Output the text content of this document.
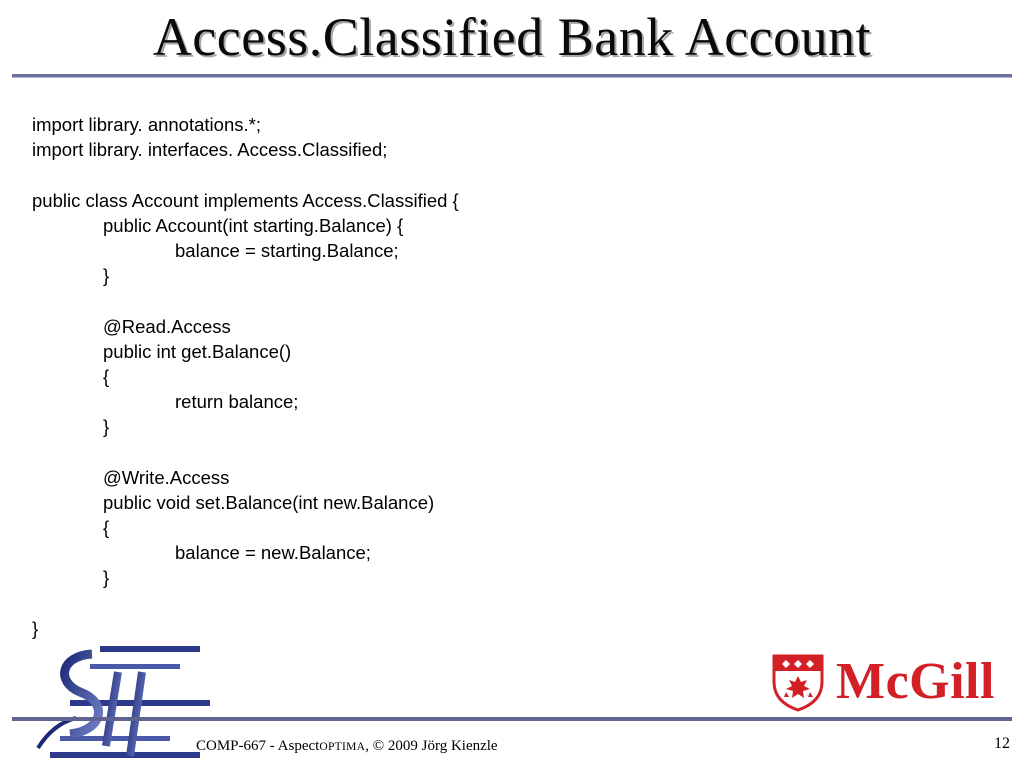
Access.Classified Bank Account
import library. annotations.*;
import library. interfaces. Access.Classified;
public class Account implements Access.Classified {
public Account(int starting.Balance) {
balance = starting.Balance;
}
@Read.Access
public int get.Balance()
{
return balance;
}
@Write.Access
public void set.Balance(int new.Balance)
{
balance = new.Balance;
}
}
McGill
COMP-667 - AspectOPTIMA, © 2009 Jörg Kienzle	12
